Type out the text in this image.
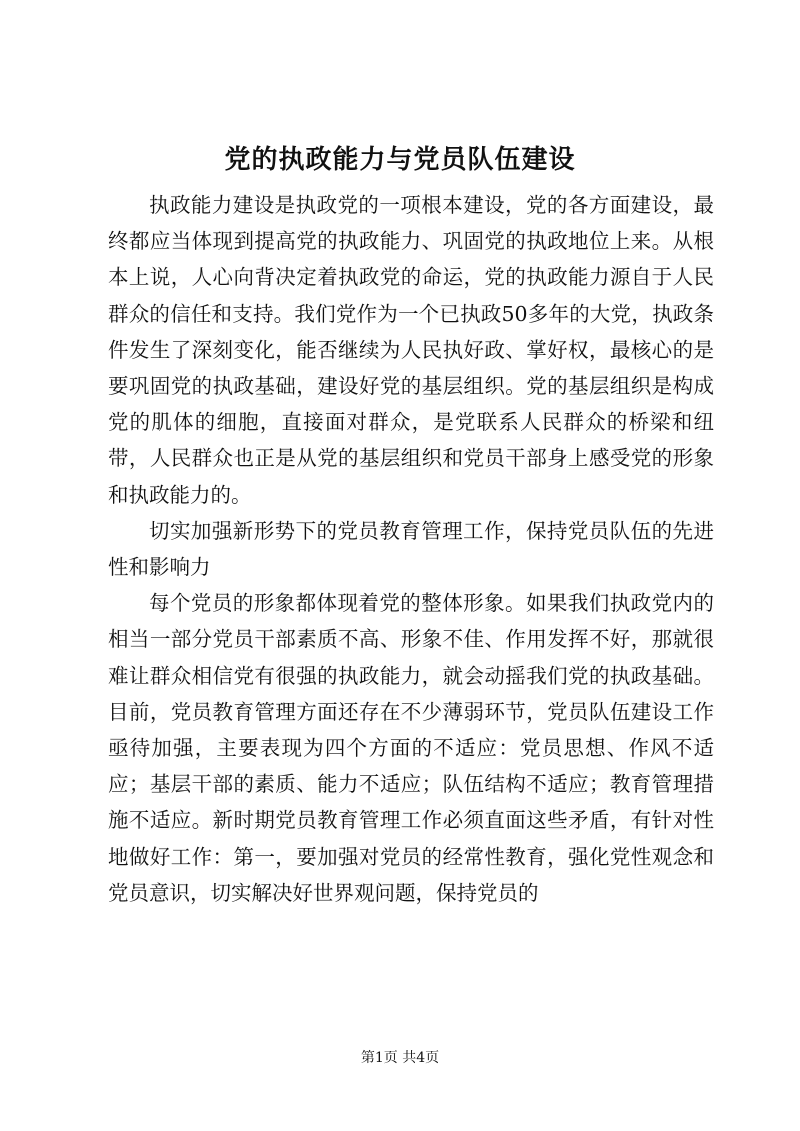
党的执政能力与党员队伍建设

执政能力建设是执政党的一项根本建设，党的各方面建设，最终都应当体现到提高党的执政能力、巩固党的执政地位上来。从根本上说，人心向背决定着执政党的命运，党的执政能力源自于人民群众的信任和支持。我们党作为一个已执政50多年的大党，执政条件发生了深刻变化，能否继续为人民执好政、掌好权，最核心的是要巩固党的执政基础，建设好党的基层组织。党的基层组织是构成党的肌体的细胞，直接面对群众，是党联系人民群众的桥梁和纽带，人民群众也正是从党的基层组织和党员干部身上感受党的形象和执政能力的。

切实加强新形势下的党员教育管理工作，保持党员队伍的先进性和影响力

每个党员的形象都体现着党的整体形象。如果我们执政党内的相当一部分党员干部素质不高、形象不佳、作用发挥不好，那就很难让群众相信党有很强的执政能力，就会动摇我们党的执政基础。目前，党员教育管理方面还存在不少薄弱环节，党员队伍建设工作亟待加强，主要表现为四个方面的不适应：党员思想、作风不适应；基层干部的素质、能力不适应；队伍结构不适应；教育管理措施不适应。新时期党员教育管理工作必须直面这些矛盾，有针对性地做好工作：第一，要加强对党员的经常性教育，强化党性观念和党员意识，切实解决好世界观问题，保持党员的

第1页 共4页
